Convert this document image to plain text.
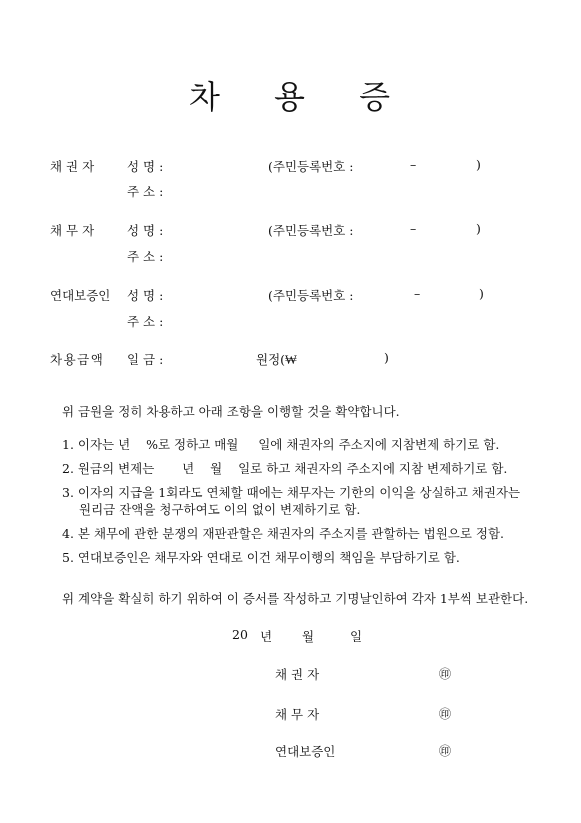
차 용 증
채 권 자	성 명 :	(주민등록번호 :	–	)
주 소 :
채 무 자	성 명 :	(주민등록번호 :	–	)
주 소 :
연대보증인 성 명 :	(주민등록번호 :	–	)
주 소 :
차용금액 일 금 :	원정(₩	)
위 금원을 정히 차용하고 아래 조항을 이행할 것을 확약합니다.
1. 이자는 년    %로 정하고 매월     일에 채권자의 주소지에 지참변제 하기로 함.
2. 원금의 변제는       년    월    일로 하고 채권자의 주소지에 지참 변제하기로 함.
3. 이자의 지급을 1회라도 연체할 때에는 채무자는 기한의 이익을 상실하고 채권자는
원리금 잔액을 청구하여도 이의 없이 변제하기로 함.
4. 본 채무에 관한 분쟁의 재판관할은 채권자의 주소지를 관할하는 법원으로 정함.
5. 연대보증인은 채무자와 연대로 이건 채무이행의 책임을 부담하기로 함.
위 계약을 확실히 하기 위하여 이 증서를 작성하고 기명날인하여 각자 1부씩 보관한다.
20 년 월	일
채 권 자	㊞
채 무 자	㊞
연대보증인	㊞
